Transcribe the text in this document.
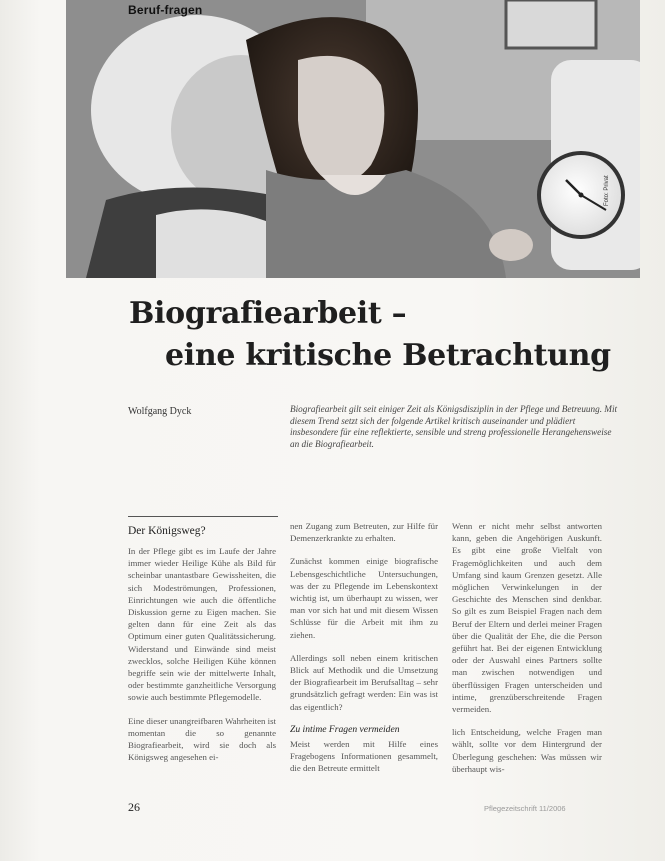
Beruf-fragen
Foto: Privat
Biografiearbeit –
eine kritische Betrachtung
Wolfgang Dyck	Biografiearbeit gilt seit einiger Zeit als Königsdisziplin in der Pflege und Betreuung. Mit diesem Trend setzt sich der folgende Artikel kritisch auseinander und plädiert insbesondere für eine reflektierte, sensible und streng professionelle Herangehensweise an die Biografiearbeit.

Der Königsweg?

In der Pflege gibt es im Laufe der Jahre immer wieder Heilige Kühe als Bild für scheinbar unantastbare Gewissheiten, die sich Modeströmungen, Professionen, Einrichtungen wie auch die öffentliche Diskussion gerne zu Eigen machen. Sie gelten dann für eine Zeit als das Optimum einer guten Qualitätssicherung. Widerstand und Einwände sind meist zwecklos, solche Heiligen Kühe können begriffe sein wie der mittelwerte Inhalt, oder bestimmte ganzheitliche Versorgung sowie auch bestimmte Pflegemodelle.

Eine dieser unangreifbaren Wahrheiten ist momentan die so genannte Biografiearbeit, wird sie doch als Königsweg angesehen ei-

nen Zugang zum Betreuten, zur Hilfe für Demenzerkrankte zu erhalten.

Zunächst kommen einige biografische Lebensgeschichtliche Untersuchungen, was der zu Pflegende im Lebenskontext wichtig ist, um überhaupt zu wissen, wer man vor sich hat und mit diesem Wissen Schlüsse für die Arbeit mit ihm zu ziehen.

Allerdings soll neben einem kritischen Blick auf Methodik und die Umsetzung der Biografiearbeit im Berufsalltag – sehr grundsätzlich gefragt werden: Ein was ist das eigentlich?

Zu intime Fragen vermeiden

Meist werden mit Hilfe eines Fragebogens Informationen gesammelt, die den Betreute ermittelt

Wenn er nicht mehr selbst antworten kann, geben die Angehörigen Auskunft. Es gibt eine große Vielfalt von Fragemöglichkeiten und auch dem Umfang sind kaum Grenzen gesetzt. Alle möglichen Verwinkelungen in der Geschichte des Menschen sind denkbar. So gilt es zum Beispiel Fragen nach dem Beruf der Eltern und derlei meiner Fragen über die Qualität der Ehe, die die Person geführt hat. Bei der eigenen Entwicklung oder der Auswahl eines Partners sollte man zwischen notwendigen und überflüssigen Fragen unterscheiden und intime, grenzüberschreitende Fragen vermeiden.

lich Entscheidung, welche Fragen man wählt, sollte vor dem Hintergrund der Überlegung geschehen: Was müssen wir überhaupt wis-

26	Pflegezeitschrift 11/2006
